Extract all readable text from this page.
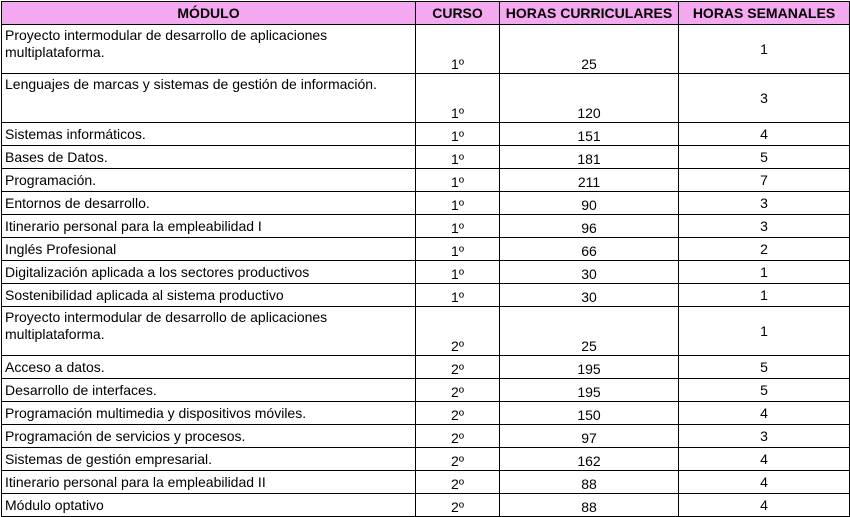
MÓDULO	CURSO	HORAS CURRICULARES	HORAS SEMANALES
Proyecto intermodular de desarrollo de aplicaciones multiplataforma.	1º	25	1
Lenguajes de marcas y sistemas de gestión de información.	1º	120	3
Sistemas informáticos.	1º	151	4
Bases de Datos.	1º	181	5
Programación.	1º	211	7
Entornos de desarrollo.	1º	90	3
Itinerario personal para la empleabilidad I	1º	96	3
Inglés Profesional	1º	66	2
Digitalización aplicada a los sectores productivos	1º	30	1
Sostenibilidad aplicada al sistema productivo	1º	30	1
Proyecto intermodular de desarrollo de aplicaciones multiplataforma.	2º	25	1
Acceso a datos.	2º	195	5
Desarrollo de interfaces.	2º	195	5
Programación multimedia y dispositivos móviles.	2º	150	4
Programación de servicios y procesos.	2º	97	3
Sistemas de gestión empresarial.	2º	162	4
Itinerario personal para la empleabilidad II	2º	88	4
Módulo optativo	2º	88	4
